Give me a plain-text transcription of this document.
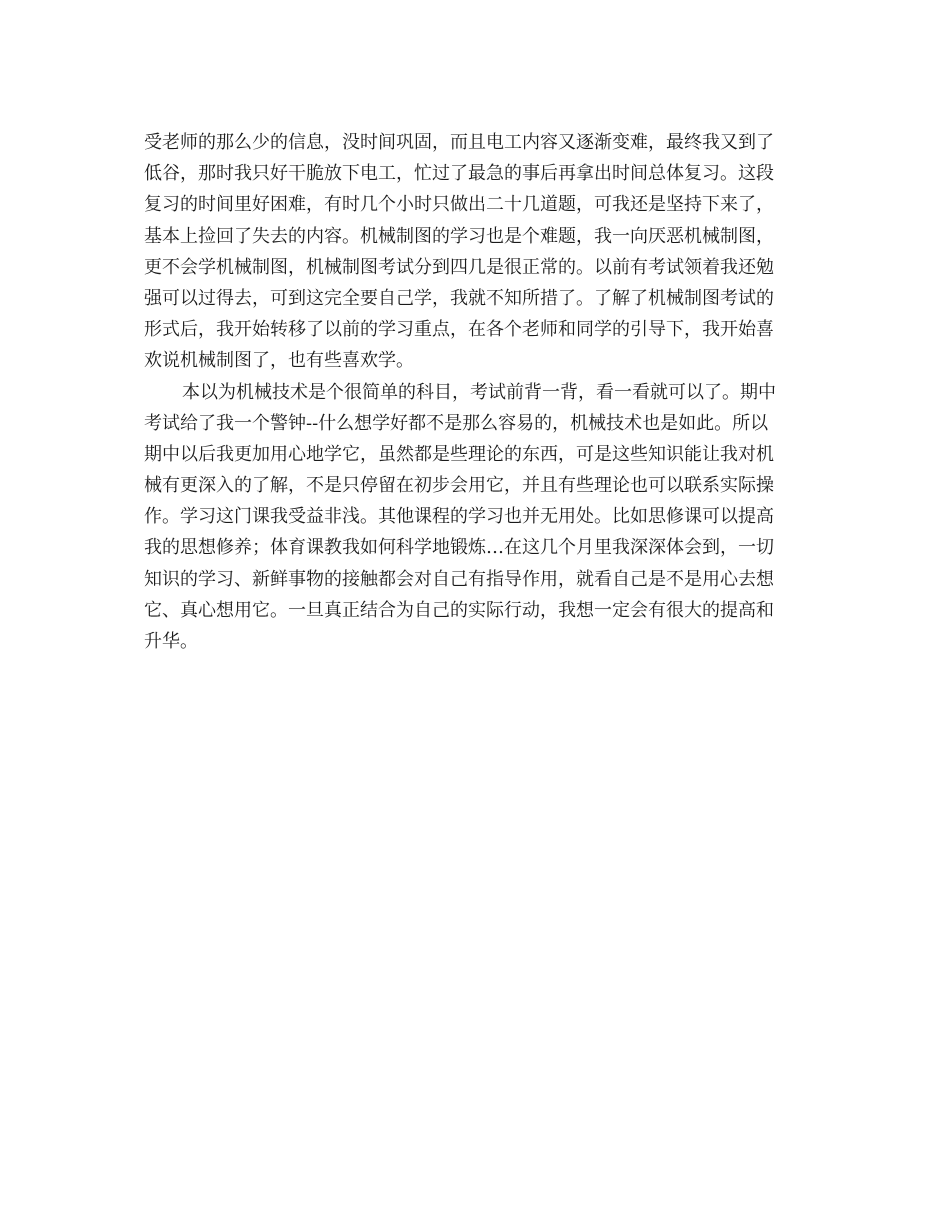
受老师的那么少的信息，没时间巩固，而且电工内容又逐渐变难，最终我又到了
低谷，那时我只好干脆放下电工，忙过了最急的事后再拿出时间总体复习。这段
复习的时间里好困难，有时几个小时只做出二十几道题，可我还是坚持下来了，
基本上捡回了失去的内容。机械制图的学习也是个难题，我一向厌恶机械制图，
更不会学机械制图，机械制图考试分到四几是很正常的。以前有考试领着我还勉
强可以过得去，可到这完全要自己学，我就不知所措了。了解了机械制图考试的
形式后，我开始转移了以前的学习重点，在各个老师和同学的引导下，我开始喜
欢说机械制图了，也有些喜欢学。
本以为机械技术是个很简单的科目，考试前背一背，看一看就可以了。期中
考试给了我一个警钟--什么想学好都不是那么容易的，机械技术也是如此。所以
期中以后我更加用心地学它，虽然都是些理论的东西，可是这些知识能让我对机
械有更深入的了解，不是只停留在初步会用它，并且有些理论也可以联系实际操
作。学习这门课我受益非浅。其他课程的学习也并无用处。比如思修课可以提高
我的思想修养；体育课教我如何科学地锻炼…在这几个月里我深深体会到，一切
知识的学习、新鲜事物的接触都会对自己有指导作用，就看自己是不是用心去想
它、真心想用它。一旦真正结合为自己的实际行动，我想一定会有很大的提高和
升华。
